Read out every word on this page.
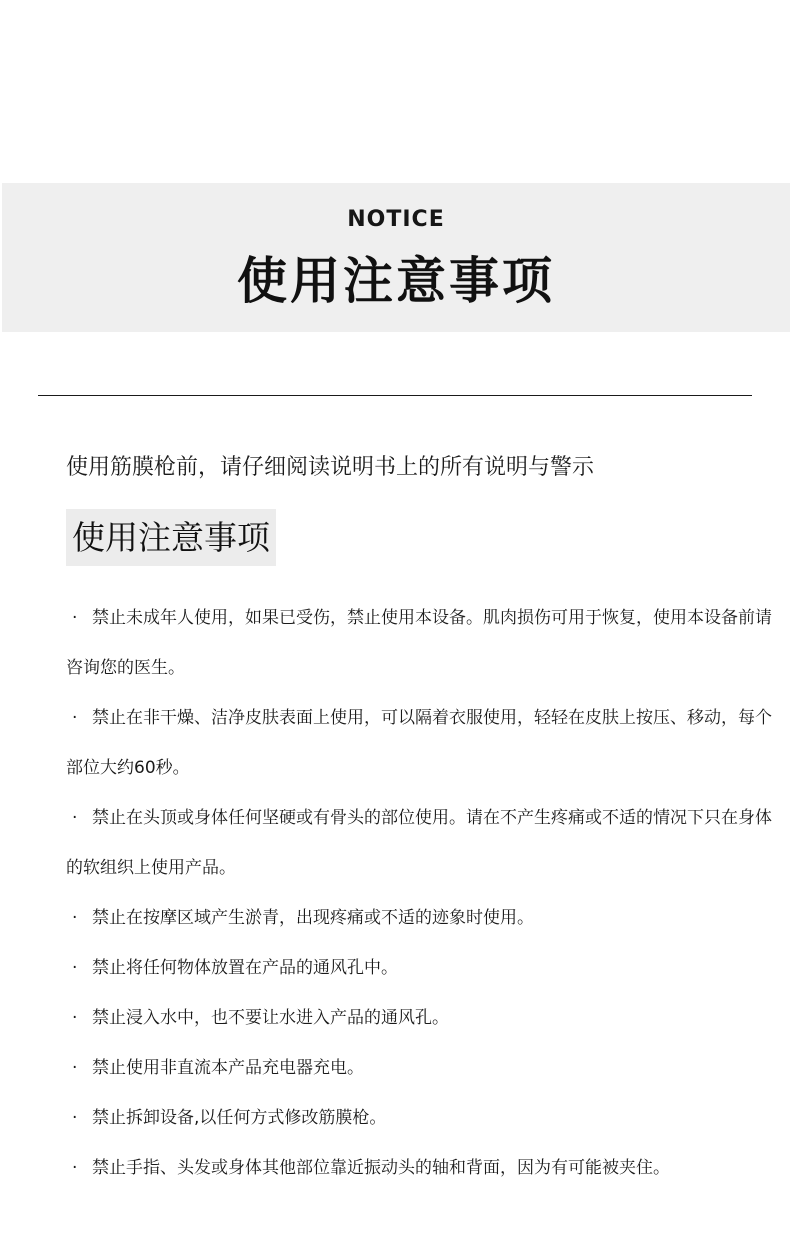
NOTICE
使用注意事项
使用筋膜枪前，请仔细阅读说明书上的所有说明与警示
使用注意事项
· 禁止未成年人使用，如果已受伤，禁止使用本设备。肌肉损伤可用于恢复，使用本设备前请咨询您的医生。
· 禁止在非干燥、洁净皮肤表面上使用，可以隔着衣服使用，轻轻在皮肤上按压、移动，每个部位大约60秒。
· 禁止在头顶或身体任何坚硬或有骨头的部位使用。请在不产生疼痛或不适的情况下只在身体的软组织上使用产品。
· 禁止在按摩区域产生淤青，出现疼痛或不适的迹象时使用。
· 禁止将任何物体放置在产品的通风孔中。
· 禁止浸入水中，也不要让水进入产品的通风孔。
· 禁止使用非直流本产品充电器充电。
· 禁止拆卸设备,以任何方式修改筋膜枪。
· 禁止手指、头发或身体其他部位靠近振动头的轴和背面，因为有可能被夹住。
